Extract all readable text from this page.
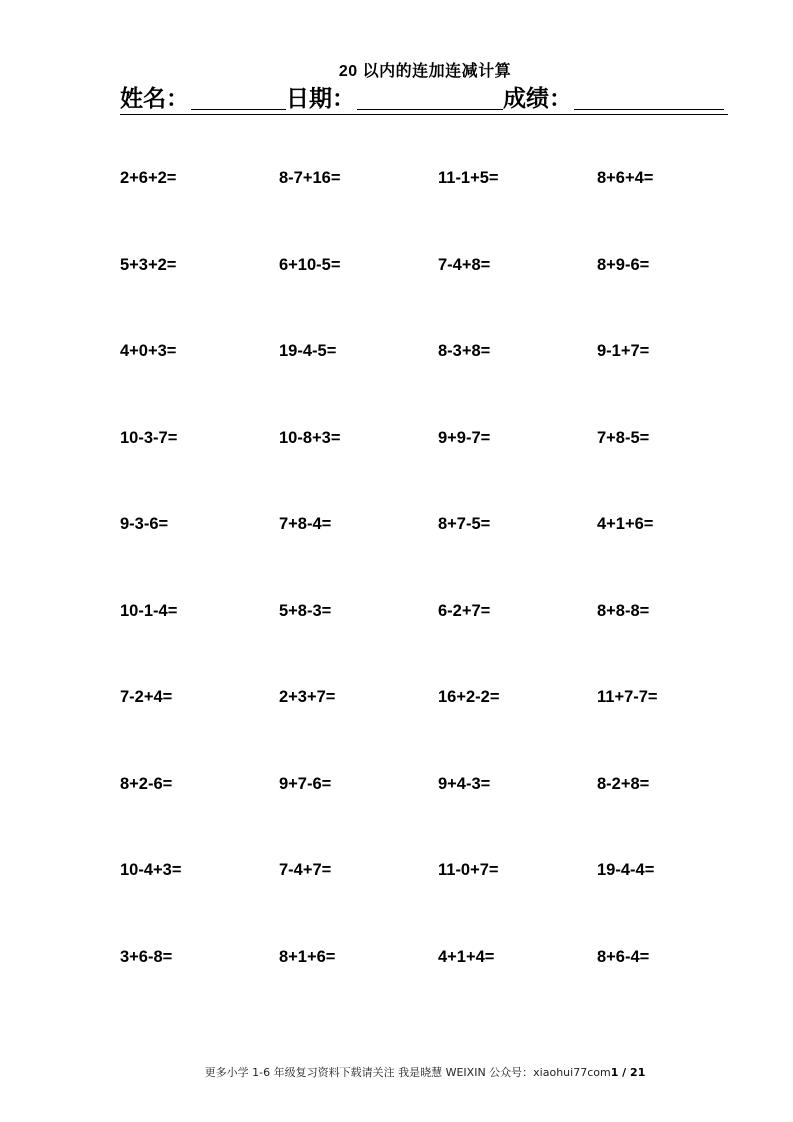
20 以内的连加连减计算
姓名：	日期：	成绩：
2+6+2=	8-7+16=	11-1+5=	8+6+4=
5+3+2=	6+10-5=	7-4+8=	8+9-6=
4+0+3=	19-4-5=	8-3+8=	9-1+7=
10-3-7=	10-8+3=	9+9-7=	7+8-5=
9-3-6=	7+8-4=	8+7-5=	4+1+6=
10-1-4=	5+8-3=	6-2+7=	8+8-8=
7-2+4=	2+3+7=	16+2-2=	11+7-7=
8+2-6=	9+7-6=	9+4-3=	8-2+8=
10-4+3=	7-4+7=	11-0+7=	19-4-4=
3+6-8=	8+1+6=	4+1+4=	8+6-4=
更多小学 1-6 年级复习资料下载请关注 我是晓慧 WEIXIN 公众号：xiaohui77com1 / 21
